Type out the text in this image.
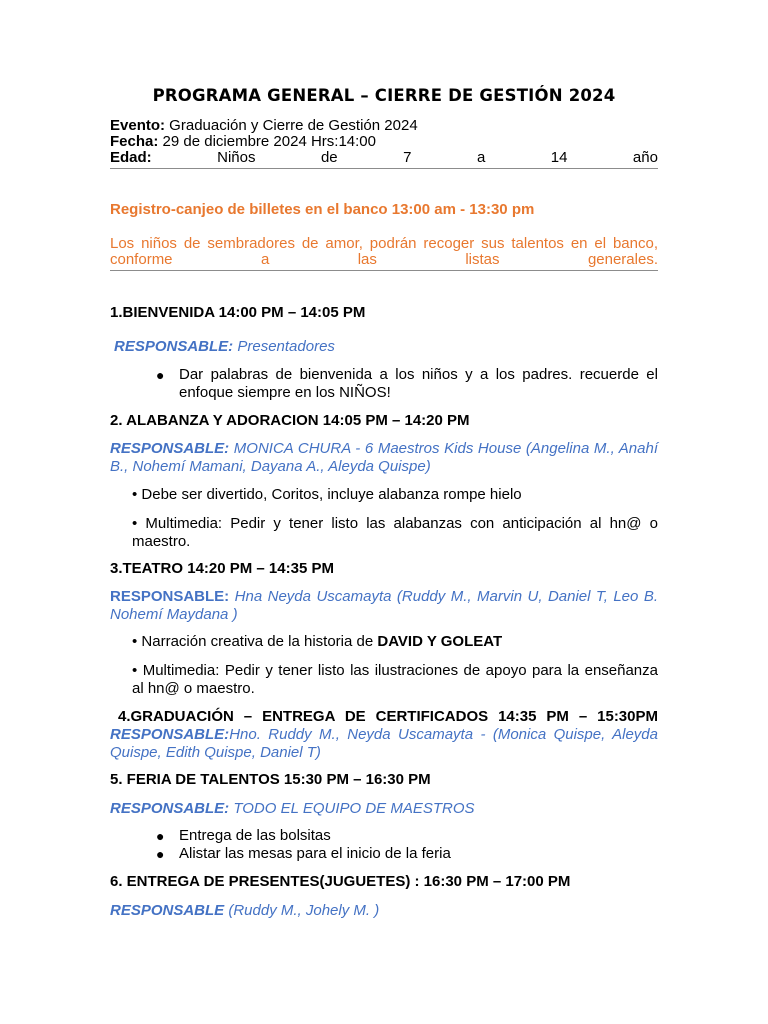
PROGRAMA GENERAL – CIERRE DE GESTIÓN 2024
Evento: Graduación y Cierre de Gestión 2024
Fecha: 29 de diciembre 2024 Hrs:14:00
Edad:	Niños	de	7	a	14	año
Registro-canjeo de billetes en el banco 13:00 am - 13:30 pm
Los niños de sembradores de amor, podrán recoger sus talentos en el banco,
conforme	a	las	listas	generales.
1.BIENVENIDA 14:00 PM – 14:05 PM
RESPONSABLE: Presentadores
● Dar palabras de bienvenida a los niños y a los padres. recuerde el enfoque siempre en los NIÑOS!
2. ALABANZA Y ADORACION 14:05 PM – 14:20 PM
RESPONSABLE: MONICA CHURA - 6 Maestros Kids House (Angelina M., Anahí B., Nohemí Mamani, Dayana A., Aleyda Quispe)
• Debe ser divertido, Coritos, incluye alabanza rompe hielo
• Multimedia: Pedir y tener listo las alabanzas con anticipación al hn@ o maestro.
3.TEATRO 14:20 PM – 14:35 PM
RESPONSABLE: Hna Neyda Uscamayta (Ruddy M., Marvin U, Daniel T, Leo B. Nohemí Maydana )
• Narración creativa de la historia de DAVID Y GOLEAT
• Multimedia: Pedir y tener listo las ilustraciones de apoyo para la enseñanza al hn@ o maestro.
4.GRADUACIÓN – ENTREGA DE CERTIFICADOS 14:35 PM – 15:30PM
RESPONSABLE:Hno. Ruddy M., Neyda Uscamayta - (Monica Quispe, Aleyda Quispe, Edith Quispe, Daniel T)
5. FERIA DE TALENTOS 15:30 PM – 16:30 PM
RESPONSABLE: TODO EL EQUIPO DE MAESTROS
● Entrega de las bolsitas
● Alistar las mesas para el inicio de la feria
6. ENTREGA DE PRESENTES(JUGUETES) : 16:30 PM – 17:00 PM
RESPONSABLE (Ruddy M., Johely M. )
